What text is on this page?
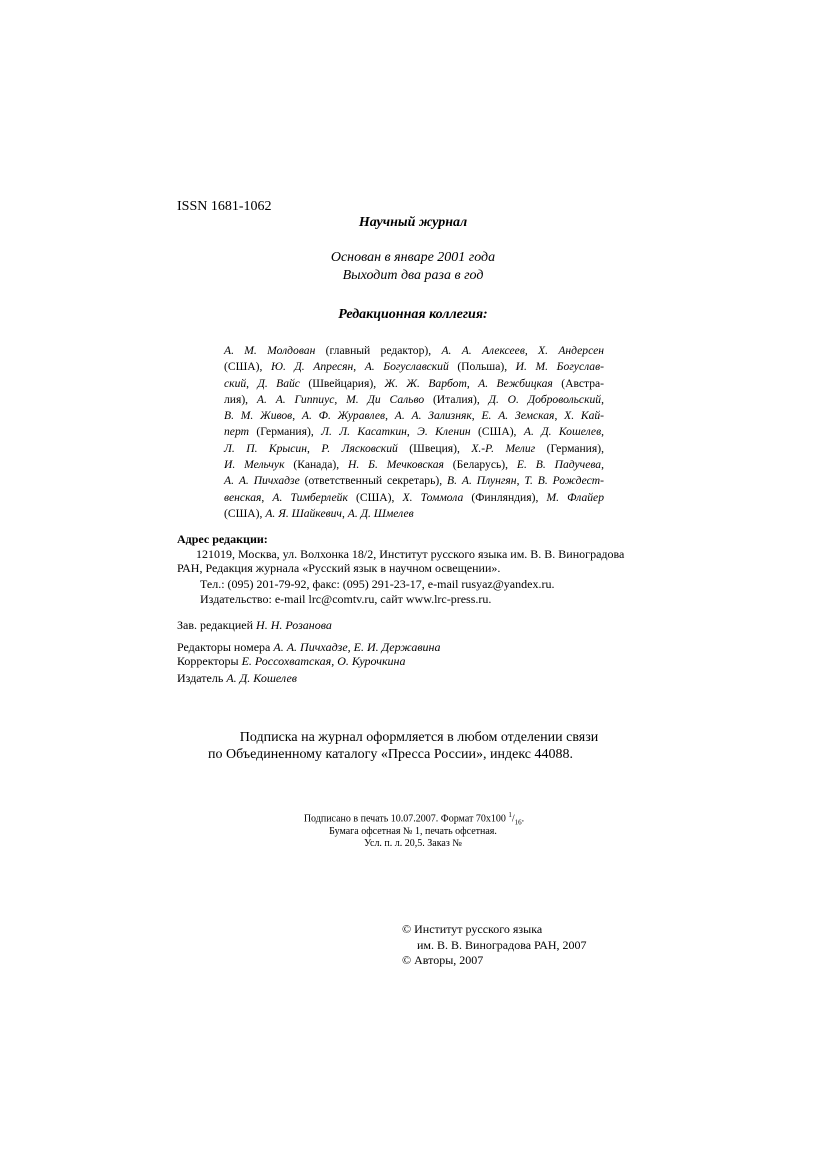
ISSN 1681-1062
Научный журнал
Основан в январе 2001 года
Выходит два раза в год
Редакционная коллегия:
А. М. Молдован (главный редактор), А. А. Алексеев, Х. Андерсен
(США), Ю. Д. Апресян, А. Богуславский (Польша), И. М. Богуслав-
ский, Д. Вайс (Швейцария), Ж. Ж. Варбот, А. Вежбицкая (Австра-
лия), А. А. Гиппиус, М. Ди Сальво (Италия), Д. О. Добровольский,
В. М. Живов, А. Ф. Журавлев, А. А. Зализняк, Е. А. Земская, Х. Кай-
перт (Германия), Л. Л. Касаткин, Э. Кленин (США), А. Д. Кошелев,
Л. П. Крысин, Р. Лясковский (Швеция), Х.-Р. Мелиг (Германия),
И. Мельчук (Канада), Н. Б. Мечковская (Беларусь), Е. В. Падучева,
А. А. Пичхадзе (ответственный секретарь), В. А. Плунгян, Т. В. Рождест-
венская, А. Тимберлейк (США), Х. Томмола (Финляндия), М. Флайер
(США), А. Я. Шайкевич, А. Д. Шмелев
Адрес редакции:
121019, Москва, ул. Волхонка 18/2, Институт русского языка им. В. В. Виноградова
РАН, Редакция журнала «Русский язык в научном освещении».
Тел.: (095) 201-79-92, факс: (095) 291-23-17, e-mail rusyaz@yandex.ru.
Издательство: e-mail lrc@comtv.ru, сайт www.lrc-press.ru.
Зав. редакцией Н. Н. Розанова
Редакторы номера А. А. Пичхадзе, Е. И. Державина
Корректоры Е. Россохватская, О. Курочкина
Издатель А. Д. Кошелев
Подписка на журнал оформляется в любом отделении связи
по Объединенному каталогу «Пресса России», индекс 44088.
Подписано в печать 10.07.2007. Формат 70x100 $^1/_{16}$.
Бумага офсетная № 1, печать офсетная.
Усл. п. л. 20,5. Заказ №
© Институт русского языка
им. В. В. Виноградова РАН, 2007
© Авторы, 2007
